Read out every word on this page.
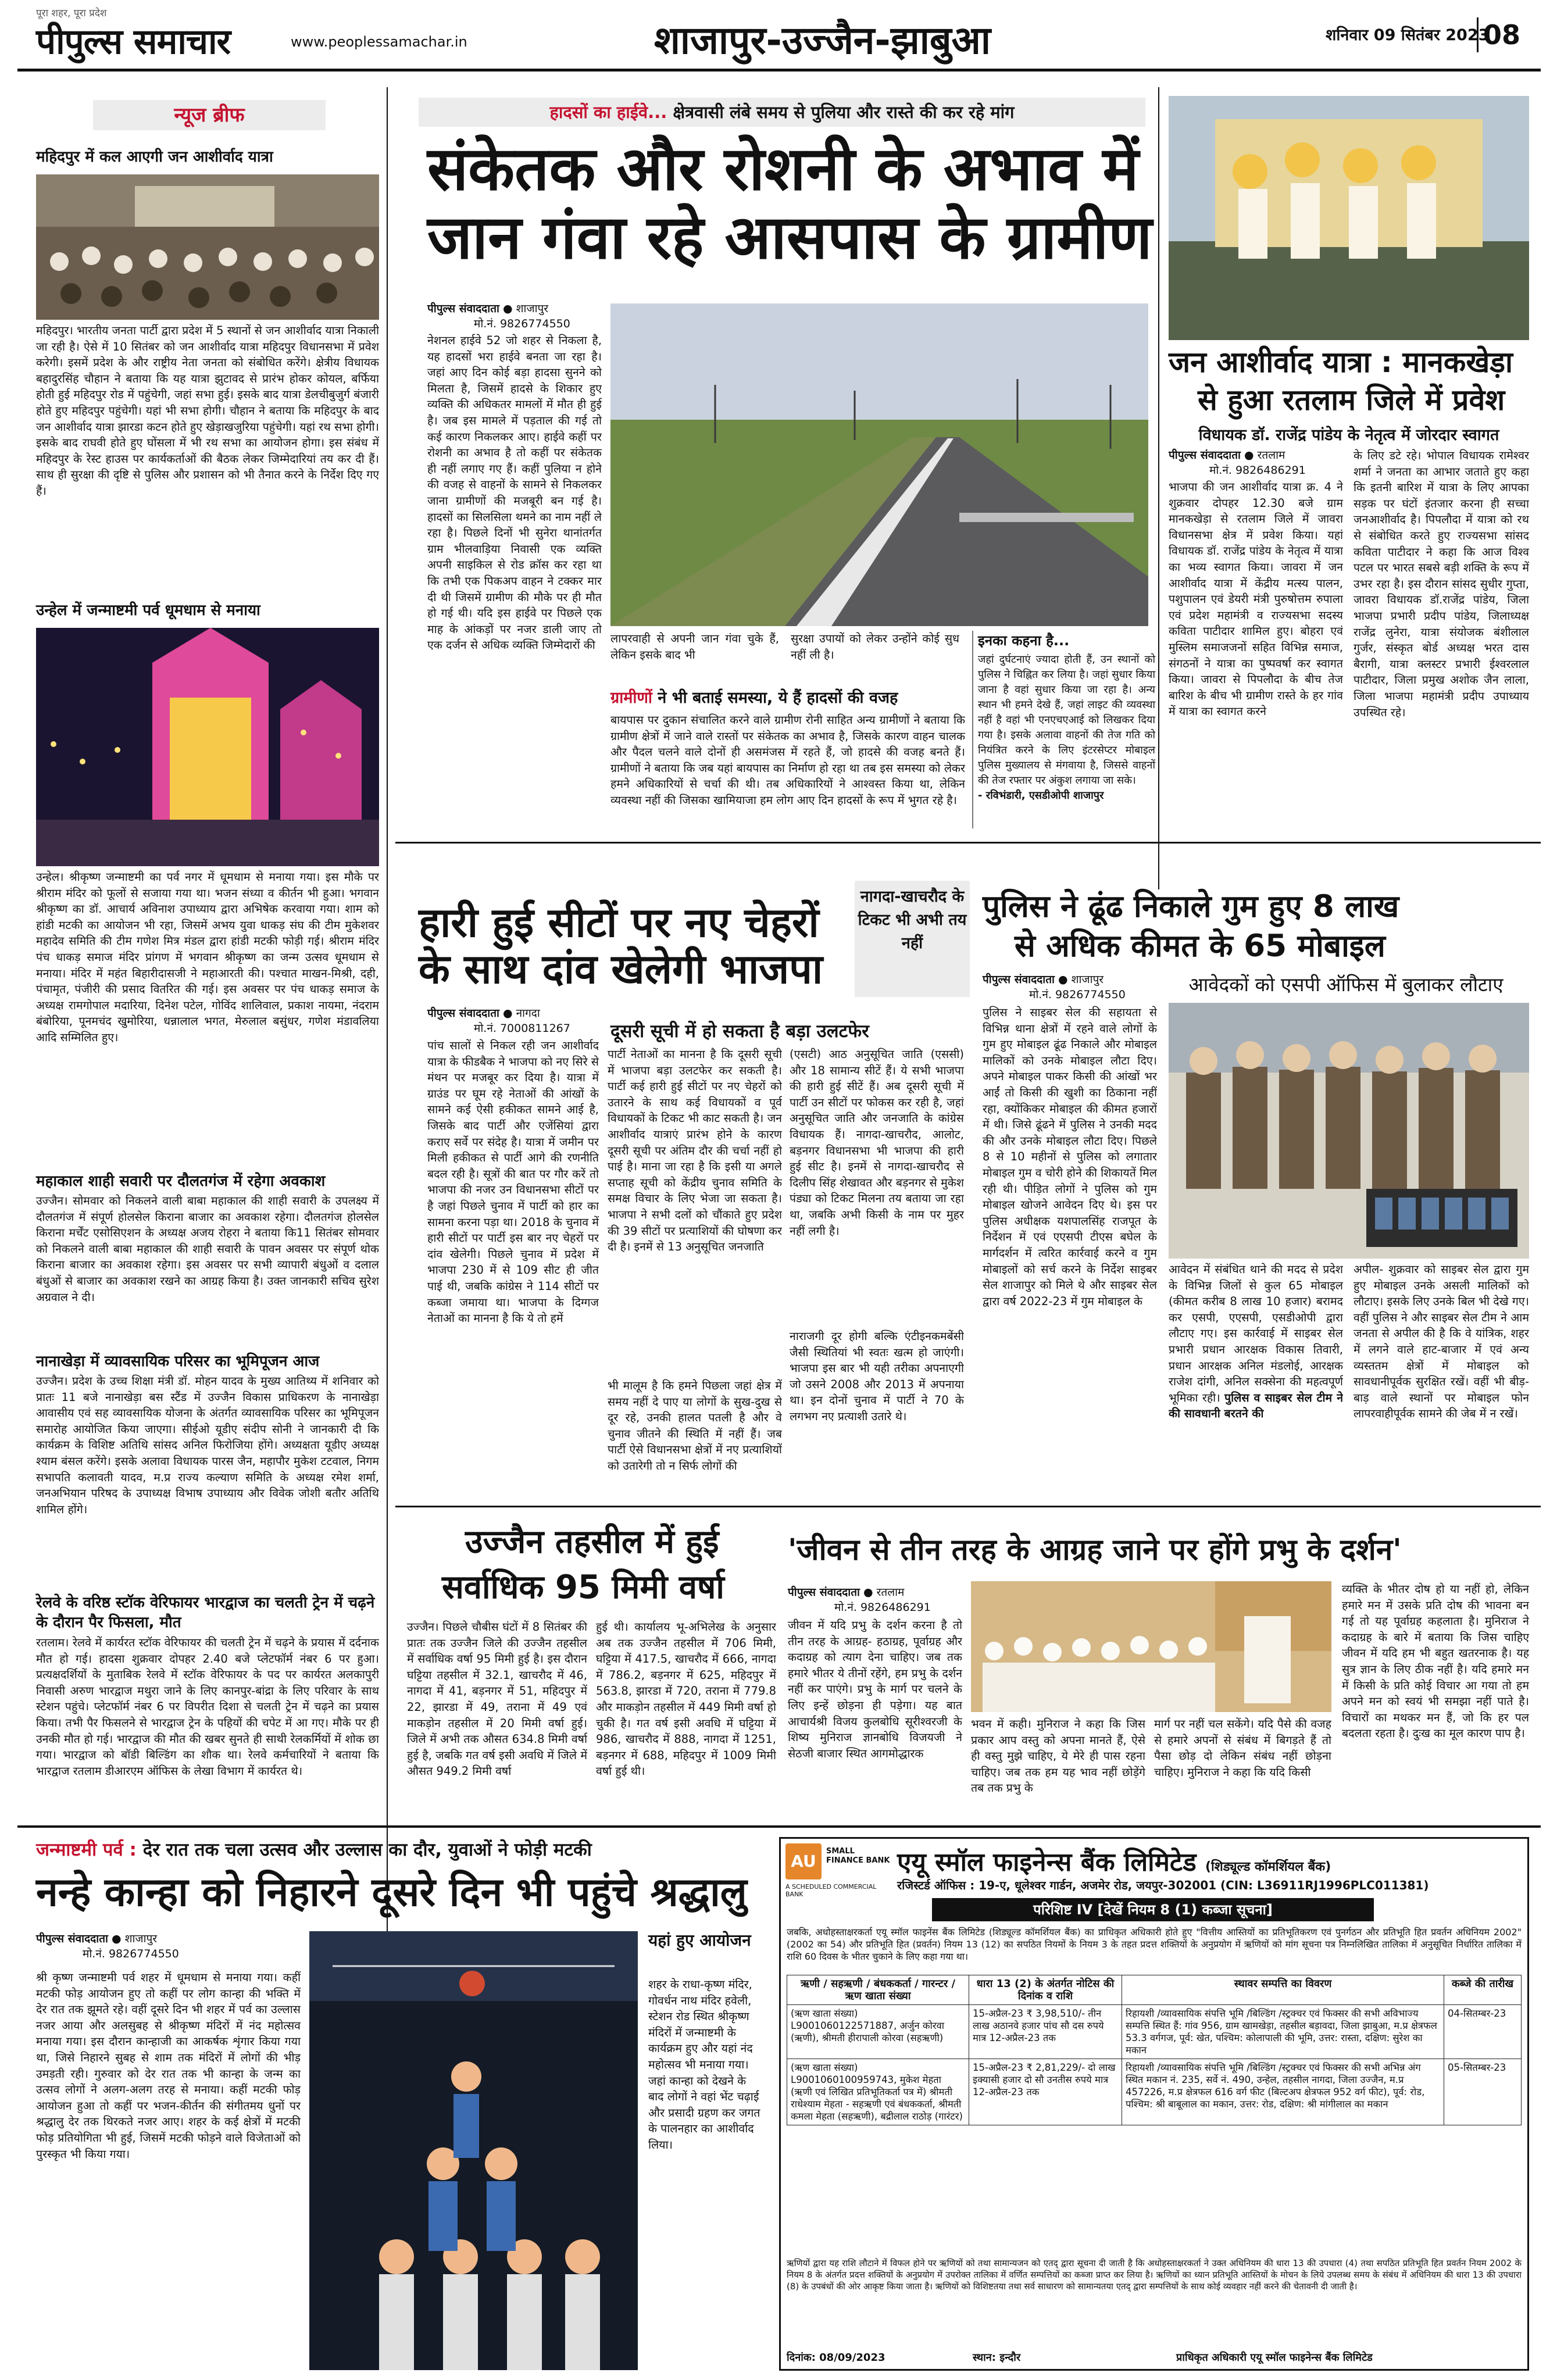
पीपुल्स समाचार
पूरा शहर, पूरा प्रदेश
www.peoplessamachar.in	शाजापुर-उज्जैन-झाबुआ	शनिवार 09 सितंबर 2023
08
न्यूज ब्रीफ
महिदपुर में कल आएगी जन आशीर्वाद यात्रा
महिदपुर। भारतीय जनता पार्टी द्वारा प्रदेश में 5 स्थानों से जन आशीर्वाद यात्रा निकाली जा रही है। ऐसे में 10 सितंबर को जन आशीर्वाद यात्रा महिदपुर विधानसभा में प्रवेश करेगी। इसमें प्रदेश के और राष्ट्रीय नेता जनता को संबोधित करेंगे। क्षेत्रीय विधायक बहादुरसिंह चौहान ने बताया कि यह यात्रा झुटावद से प्रारंभ होकर कोयल, बर्फिया होती हुई महिदपुर रोड में पहुंचेगी, जहां सभा हुई। इसके बाद यात्रा डेलचीबुजुर्ग बंजारी होते हुए महिदपुर पहुंचेगी। यहां भी सभा होगी। चौहान ने बताया कि महिदपुर के बाद जन आशीर्वाद यात्रा झारडा कटन होते हुए खेड़ाखजुरिया पहुंचेगी। यहां रथ सभा होगी। इसके बाद राघवी होते हुए घोंसला में भी रथ सभा का आयोजन होगा। इस संबंध में महिदपुर के रेस्ट हाउस पर कार्यकर्ताओं की बैठक लेकर जिम्मेदारियां तय कर दी हैं। साथ ही सुरक्षा की दृष्टि से पुलिस और प्रशासन को भी तैनात करने के निर्देश दिए गए हैं।
उन्हेल में जन्माष्टमी पर्व धूमधाम से मनाया
उन्हेल। श्रीकृष्ण जन्माष्टमी का पर्व नगर में धूमधाम से मनाया गया। इस मौके पर श्रीराम मंदिर को फूलों से सजाया गया था। भजन संध्या व कीर्तन भी हुआ। भगवान श्रीकृष्ण का डॉ. आचार्य अविनाश उपाध्याय द्वारा अभिषेक करवाया गया। शाम को हांडी मटकी का आयोजन भी रहा, जिसमें अभय युवा धाकड़ संघ की टीम मुकेशवर महादेव समिति की टीम गणेश मित्र मंडल द्वारा हांडी मटकी फोड़ी गई। श्रीराम मंदिर पंच धाकड़ समाज मंदिर प्रांगण में भगवान श्रीकृष्ण का जन्म उत्सव धूमधाम से मनाया। मंदिर में महंत बिहारीदासजी ने महाआरती की। पश्चात माखन-मिश्री, दही, पंचामृत, पंजीरी की प्रसाद वितरित की गई। इस अवसर पर पंच धाकड़ समाज के अध्यक्ष रामगोपाल मदारिया, दिनेश पटेल, गोविंद शालिवाल, प्रकाश नायमा, नंदराम बंबोरिया, पूनमचंद खुमोरिया, धन्नालाल भगत, मेरुलाल बसुंधर, गणेश मंडावलिया आदि सम्मिलित हुए।
महाकाल शाही सवारी पर दौलतगंज में रहेगा अवकाश
उज्जैन। सोमवार को निकलने वाली बाबा महाकाल की शाही सवारी के उपलक्ष्य में दौलतगंज में संपूर्ण होलसेल किराना बाजार का अवकाश रहेगा। दौलतगंज होलसेल किराना मर्चेंट एसोसिएशन के अध्यक्ष अजय रोहरा ने बताया कि11 सितंबर सोमवार को निकलने वाली बाबा महाकाल की शाही सवारी के पावन अवसर पर संपूर्ण थोक किराना बाजार का अवकाश रहेगा। इस अवसर पर सभी व्यापारी बंधुओं व दलाल बंधुओं से बाजार का अवकाश रखने का आग्रह किया है। उक्त जानकारी सचिव सुरेश अग्रवाल ने दी।
नानाखेड़ा में व्यावसायिक परिसर का भूमिपूजन आज
उज्जैन। प्रदेश के उच्च शिक्षा मंत्री डॉ. मोहन यादव के मुख्य आतिथ्य में शनिवार को प्रातः 11 बजे नानाखेड़ा बस स्टैंड में उज्जैन विकास प्राधिकरण के नानाखेड़ा आवासीय एवं सह व्यावसायिक योजना के अंतर्गत व्यावसायिक परिसर का भूमिपूजन समारोह आयोजित किया जाएगा। सीईओ यूडीए संदीप सोनी ने जानकारी दी कि कार्यक्रम के विशिष्ट अतिथि सांसद अनिल फिरोजिया होंगे। अध्यक्षता यूडीए अध्यक्ष श्याम बंसल करेंगे। इसके अलावा विधायक पारस जैन, महापौर मुकेश टटवाल, निगम सभापति कलावती यादव, म.प्र राज्य कल्याण समिति के अध्यक्ष रमेश शर्मा, जनअभियान परिषद के उपाध्यक्ष विभाष उपाध्याय और विवेक जोशी बतौर अतिथि शामिल होंगे।
रेलवे के वरिष्ठ स्टॉक वेरिफायर भारद्वाज का चलती ट्रेन में चढ़ने के दौरान पैर फिसला, मौत
रतलाम। रेलवे में कार्यरत स्टॉक वेरिफायर की चलती ट्रेन में चढ़ने के प्रयास में दर्दनाक मौत हो गई। हादसा शुक्रवार दोपहर 2.40 बजे प्लेटफॉर्म नंबर 6 पर हुआ। प्रत्यक्षदर्शियों के मुताबिक रेलवे में स्टॉक वेरिफायर के पद पर कार्यरत अलकापुरी निवासी अरुण भारद्वाज मथुरा जाने के लिए कानपुर-बांद्रा के लिए परिवार के साथ स्टेशन पहुंचे। प्लेटफॉर्म नंबर 6 पर विपरीत दिशा से चलती ट्रेन में चढ़ने का प्रयास किया। तभी पैर फिसलने से भारद्वाज ट्रेन के पहियों की चपेट में आ गए। मौके पर ही उनकी मौत हो गई। भारद्वाज की मौत की खबर सुनते ही साथी रेलकर्मियों में शोक छा गया। भारद्वाज को बॉडी बिल्डिंग का शौक था। रेलवे कर्मचारियों ने बताया कि भारद्वाज रतलाम डीआरएम ऑफिस के लेखा विभाग में कार्यरत थे।
हादसों का हाईवे... क्षेत्रवासी लंबे समय से पुलिया और रास्ते की कर रहे मांग
संकेतक और रोशनी के अभाव में
जान गंवा रहे आसपास के ग्रामीण
पीपुल्स संवाददाता ● शाजापुर
मो.नं. 9826774550
नेशनल हाईवे 52 जो शहर से निकला है, यह हादसों भरा हाईवे बनता जा रहा है। जहां आए दिन कोई बड़ा हादसा सुनने को मिलता है, जिसमें हादसे के शिकार हुए व्यक्ति की अधिकतर मामलों में मौत ही हुई है। जब इस मामले में पड़ताल की गई तो कई कारण निकलकर आए। हाईवे कहीं पर रोशनी का अभाव है तो कहीं पर संकेतक ही नहीं लगाए गए हैं। कहीं पुलिया न होने की वजह से वाहनों के सामने से निकलकर जाना ग्रामीणों की मजबूरी बन गई है। हादसों का सिलसिला थमने का नाम नहीं ले रहा है। पिछले दिनों भी सुनेरा थानांतर्गत ग्राम भीलवाड़िया निवासी एक व्यक्ति अपनी साइकिल से रोड क्रॉस कर रहा था कि तभी एक पिकअप वाहन ने टक्कर मार दी थी जिसमें ग्रामीण की मौके पर ही मौत हो गई थी। यदि इस हाईवे पर पिछले एक माह के आंकड़ों पर नजर डाली जाए तो एक दर्जन से अधिक व्यक्ति जिम्मेदारों की	लापरवाही से अपनी जान गंवा चुके हैं, लेकिन इसके बाद भी
सुरक्षा उपायों को लेकर उन्होंने कोई सुध नहीं ली है।
ग्रामीणों ने भी बताई समस्या, ये हैं हादसों की वजह
बायपास पर दुकान संचालित करने वाले ग्रामीण रोनी साहित अन्य ग्रामीणों ने बताया कि ग्रामीण क्षेत्रों में जाने वाले रास्तों पर संकेतक का अभाव है, जिसके कारण वाहन चालक और पैदल चलने वाले दोनों ही असमंजस में रहते हैं, जो हादसे की वजह बनते हैं। ग्रामीणों ने बताया कि जब यहां बायपास का निर्माण हो रहा था तब इस समस्या को लेकर हमने अधिकारियों से चर्चा की थी। तब अधिकारियों ने आश्वस्त किया था, लेकिन व्यवस्था नहीं की जिसका खामियाजा हम लोग आए दिन हादसों के रूप में भुगत रहे है।
इनका कहना है...
जहां दुर्घटनाएं ज्यादा होती हैं, उन स्थानों को पुलिस ने चिह्नित कर लिया है। जहां सुधार किया जाना है वहां सुधार किया जा रहा है। अन्य स्थान भी हमने देखे हैं, जहां लाइट की व्यवस्था नहीं है वहां भी एनएचएआई को लिखकर दिया गया है। इसके अलावा वाहनों की तेज गति को नियंत्रित करने के लिए इंटरसेप्टर मोबाइल पुलिस मुख्यालय से मंगवाया है, जिससे वाहनों की तेज रफ्तार पर अंकुश लगाया जा सके।
- रविभंडारी, एसडीओपी शाजापुर
जन आशीर्वाद यात्रा : मानकखेड़ा
से हुआ रतलाम जिले में प्रवेश
विधायक डॉ. राजेंद्र पांडेय के नेतृत्व में जोरदार स्वागत
पीपुल्स संवाददाता ● रतलाम
मो.नं. 9826486291
भाजपा की जन आशीर्वाद यात्रा क्र. 4 ने शुक्रवार दोपहर 12.30 बजे ग्राम मानकखेड़ा से रतलाम जिले में जावरा विधानसभा क्षेत्र में प्रवेश किया। यहां विधायक डॉ. राजेंद्र पांडेय के नेतृत्व में यात्रा का भव्य स्वागत किया। जावरा में जन आशीर्वाद यात्रा में केंद्रीय मत्स्य पालन, पशुपालन एवं डेयरी मंत्री पुरुषोत्तम रुपाला एवं प्रदेश महामंत्री व राज्यसभा सदस्य कविता पाटीदार शामिल हुए। बोहरा एवं मुस्लिम समाजजनों सहित विभिन्न समाज, संगठनों ने यात्रा का पुष्पवर्षा कर स्वागत किया। जावरा से पिपलौदा के बीच तेज बारिश के बीच भी ग्रामीण रास्ते के हर गांव में यात्रा का स्वागत करने
के लिए डटे रहे। भोपाल विधायक रामेश्वर शर्मा ने जनता का आभार जताते हुए कहा कि इतनी बारिश में यात्रा के लिए आपका सड़क पर घंटों इंतजार करना ही सच्चा जनआशीर्वाद है। पिपलौदा में यात्रा को रथ से संबोधित करते हुए राज्यसभा सांसद कविता पाटीदार ने कहा कि आज विश्व पटल पर भारत सबसे बड़ी शक्ति के रूप में उभर रहा है। इस दौरान सांसद सुधीर गुप्ता, जावरा विधायक डॉ.राजेंद्र पांडेय, जिला भाजपा प्रभारी प्रदीप पांडेय, जिलाध्यक्ष राजेंद्र लुनेरा, यात्रा संयोजक बंशीलाल गुर्जर, संस्कृत बोर्ड अध्यक्ष भरत दास बैरागी, यात्रा क्लस्टर प्रभारी ईश्वरलाल पाटीदार, जिला प्रमुख अशोक जैन लाला, जिला भाजपा महामंत्री प्रदीप उपाध्याय उपस्थित रहे।
हारी हुई सीटों पर नए चेहरों
के साथ दांव खेलेगी भाजपा
नागदा-खाचरौद के टिकट भी अभी तय नहीं
पीपुल्स संवाददाता ● नागदा
मो.नं. 7000811267 दूसरी सूची में हो सकता है बड़ा उलटफेर
पांच सालों से निकल रही जन आशीर्वाद यात्रा के फीडबैक ने भाजपा को नए सिरे से मंथन पर मजबूर कर दिया है। यात्रा में ग्राउंड पर घूम रहे नेताओं की आंखों के सामने कई ऐसी हकीकत सामने आई है, जिसके बाद पार्टी और एजेंसियां द्वारा कराए सर्वे पर संदेह है। यात्रा में जमीन पर मिली हकीकत से पार्टी आगे की रणनीति बदल रही है। सूत्रों की बात पर गौर करें तो भाजपा की नजर उन विधानसभा सीटों पर है जहां पिछले चुनाव में पार्टी को हार का सामना करना पड़ा था। 2018 के चुनाव में हारी सीटों पर पार्टी इस बार नए चेहरों पर दांव खेलेगी। पिछले चुनाव में प्रदेश में भाजपा 230 में से 109 सीट ही जीत पाई थी, जबकि कांग्रेस ने 114 सीटों पर कब्जा जमाया था। भाजपा के दिग्गज नेताओं का मानना है कि ये तो हमें
पार्टी नेताओं का मानना है कि दूसरी सूची में भाजपा बड़ा उलटफेर कर सकती है। पार्टी कई हारी हुई सीटों पर नए चेहरों को उतारने के साथ कई विधायकों व पूर्व विधायकों के टिकट भी काट सकती है। जन आशीर्वाद यात्राएं प्रारंभ होने के कारण दूसरी सूची पर अंतिम दौर की चर्चा नहीं हो पाई है। माना जा रहा है कि इसी या अगले सप्ताह सूची को केंद्रीय चुनाव समिति के समक्ष विचार के लिए भेजा जा सकता है। भाजपा ने सभी दलों को चौंकाते हुए प्रदेश की 39 सीटों पर प्रत्याशियों की घोषणा कर दी है। इनमें से 13 अनुसूचित जनजाति
(एसटी) आठ अनुसूचित जाति (एससी) और 18 सामान्य सीटें हैं। ये सभी भाजपा की हारी हुई सीटें हैं। अब दूसरी सूची में पार्टी उन सीटों पर फोकस कर रही है, जहां अनुसूचित जाति और जनजाति के कांग्रेस विधायक हैं। नागदा-खाचरौद, आलोट, बड़नगर विधानसभा भी भाजपा की हारी हुई सीट है। इनमें से नागदा-खाचरौद से दिलीप सिंह शेखावत और बड़नगर से मुकेश पंड्या को टिकट मिलना तय बताया जा रहा था, जबकि अभी किसी के नाम पर मुहर नहीं लगी है।
भी मालूम है कि हमने पिछला जहां क्षेत्र में समय नहीं दे पाए या लोगों के सुख-दुख से दूर रहे, उनकी हालत पतली है और वे चुनाव जीतने की स्थिति में नहीं हैं। जब पार्टी ऐसे विधानसभा क्षेत्रों में नए प्रत्याशियों को उतारेगी तो न सिर्फ लोगों की
नाराजगी दूर होगी बल्कि एंटीइनकमबेंसी जैसी स्थितियां भी स्वतः खत्म हो जाएंगी। भाजपा इस बार भी यही तरीका अपनाएगी जो उसने 2008 और 2013 में अपनाया था। इन दोनों चुनाव में पार्टी ने 70 के लगभग नए प्रत्याशी उतारे थे।
पुलिस ने ढूंढ निकाले गुम हुए 8 लाख
से अधिक कीमत के 65 मोबाइल
पीपुल्स संवाददाता ● शाजापुर
मो.नं. 9826774550	आवेदकों को एसपी ऑफिस में बुलाकर लौटाए
पुलिस ने साइबर सेल की सहायता से विभिन्न थाना क्षेत्रों में रहने वाले लोगों के गुम हुए मोबाइल ढूंढ निकाले और मोबाइल मालिकों को उनके मोबाइल लौटा दिए। अपने मोबाइल पाकर किसी की आंखों भर आईं तो किसी की खुशी का ठिकाना नहीं रहा, क्योंकिकर मोबाइल की कीमत हजारों में थी। जिसे ढूंढने में पुलिस ने उनकी मदद की और उनके मोबाइल लौटा दिए। पिछले 8 से 10 महीनों से पुलिस को लगातार मोबाइल गुम व चोरी होने की शिकायतें मिल रही थी। पीड़ित लोगों ने पुलिस को गुम मोबाइल खोजने आवेदन दिए थे। इस पर पुलिस अधीक्षक यशपालसिंह राजपूत के निर्देशन में एवं एएसपी टीएस बघेल के मार्गदर्शन में त्वरित कार्रवाई करने व गुम मोबाइलों को सर्च करने के निर्देश साइबर सेल शाजापुर को मिले थे और साइबर सेल द्वारा वर्ष 2022-23 में गुम मोबाइल के
आवेदन में संबंधित थाने की मदद से प्रदेश के विभिन्न जिलों से कुल 65 मोबाइल (कीमत करीब 8 लाख 10 हजार) बरामद कर एसपी, एएसपी, एसडीओपी द्वारा लौटाए गए। इस कार्रवाई में साइबर सेल प्रभारी प्रधान आरक्षक विकास तिवारी, प्रधान आरक्षक अनिल मंडलोई, आरक्षक राजेश दांगी, अनिल सक्सेना की महत्वपूर्ण भूमिका रही। पुलिस व साइबर सेल टीम ने की सावधानी बरतने की
अपील- शुक्रवार को साइबर सेल द्वारा गुम हुए मोबाइल उनके असली मालिकों को लौटाए। इसके लिए उनके बिल भी देखे गए। वहीं पुलिस ने और साइबर सेल टीम ने आम जनता से अपील की है कि वे यांत्रिक, शहर में लगने वाले हाट-बाजार में एवं अन्य व्यस्ततम क्षेत्रों में मोबाइल को सावधानीपूर्वक सुरक्षित रखें। वहीं भी बीड़-बाड़ वाले स्थानों पर मोबाइल फोन लापरवाहीपूर्वक सामने की जेब में न रखें।
उज्जैन तहसील में हुई
सर्वाधिक 95 मिमी वर्षा
उज्जैन। पिछले चौबीस घंटों में 8 सितंबर की प्रातः तक उज्जैन जिले की उज्जैन तहसील में सर्वाधिक वर्षा 95 मिमी हुई है। इस दौरान घट्टिया तहसील में 32.1, खाचरौद में 46, नागदा में 41, बड़नगर में 51, महिदपुर में 22, झारडा में 49, तराना में 49 एवं माकड़ोन तहसील में 20 मिमी वर्षा हुई। जिले में अभी तक औसत 634.8 मिमी वर्षा हुई है, जबकि गत वर्ष इसी अवधि में जिले में औसत 949.2 मिमी वर्षा
हुई थी। कार्यालय भू-अभिलेख के अनुसार अब तक उज्जैन तहसील में 706 मिमी, घट्टिया में 417.5, खाचरौद में 666, नागदा में 786.2, बड़नगर में 625, महिदपुर में 563.8, झारडा में 720, तराना में 779.8 और माकड़ोन तहसील में 449 मिमी वर्षा हो चुकी है। गत वर्ष इसी अवधि में घट्टिया में 986, खाचरौद में 888, नागदा में 1251, बड़नगर में 688, महिदपुर में 1009 मिमी वर्षा हुई थी।
'जीवन से तीन तरह के आग्रह जाने पर होंगे प्रभु के दर्शन'
पीपुल्स संवाददाता ● रतलाम
मो.नं. 9826486291
जीवन में यदि प्रभु के दर्शन करना है तो तीन तरह के आग्रह- हठाग्रह, पूर्वाग्रह और कदाग्रह को त्याग देना चाहिए। जब तक हमारे भीतर ये तीनों रहेंगे, हम प्रभु के दर्शन नहीं कर पाएंगे। प्रभु के मार्ग पर चलने के लिए इन्हें छोड़ना ही पड़ेगा। यह बात आचार्यश्री विजय कुलबोधि सूरीश्वरजी के शिष्य मुनिराज ज्ञानबोधि विजयजी ने सेठजी बाजार स्थित आगमोद्धारक
भवन में कही। मुनिराज ने कहा कि जिस प्रकार आप वस्तु को अपना मानते हैं, ऐसे ही वस्तु मुझे चाहिए, ये मेरे ही पास रहना चाहिए। जब तक हम यह भाव नहीं छोड़ेंगे तब तक प्रभु के
मार्ग पर नहीं चल सकेंगे। यदि पैसे की वजह से हमारे अपनों से संबंध में बिगड़ते हैं तो पैसा छोड़ दो लेकिन संबंध नहीं छोड़ना चाहिए। मुनिराज ने कहा कि यदि किसी
व्यक्ति के भीतर दोष हो या नहीं हो, लेकिन हमारे मन में उसके प्रति दोष की भावना बन गई तो यह पूर्वाग्रह कहलाता है। मुनिराज ने कदाग्रह के बारे में बताया कि जिस चाहिए जीवन में यदि हम भी बहुत खतरनाक है। यह सुत्र ज्ञान के लिए ठीक नहीं है। यदि हमारे मन में किसी के प्रति कोई विचार आ गया तो हम अपने मन को स्वयं भी समझा नहीं पाते है। विचारों का मथकर मन हैं, जो कि हर पल बदलता रहता है। दुःख का मूल कारण पाप है।
जन्माष्टमी पर्व : देर रात तक चला उत्सव और उल्लास का दौर, युवाओं ने फोड़ी मटकी
नन्हे कान्हा को निहारने दूसरे दिन भी पहुंचे श्रद्धालु
पीपुल्स संवाददाता ● शाजापुर
मो.नं. 9826774550
श्री कृष्ण जन्माष्टमी पर्व शहर में धूमधाम से मनाया गया। कहीं मटकी फोड़ आयोजन हुए तो कहीं पर लोग कान्हा की भक्ति में देर रात तक झूमते रहे। वहीं दूसरे दिन भी शहर में पर्व का उल्लास नजर आया और अलसुबह से श्रीकृष्ण मंदिरों में नंद महोत्सव मनाया गया। इस दौरान कान्हाजी का आकर्षक शृंगार किया गया था, जिसे निहारने सुबह से शाम तक मंदिरों में लोगों की भीड़ उमड़ती रही। गुरुवार को देर रात तक भी कान्हा के जन्म का उत्सव लोगों ने अलग-अलग तरह से मनाया। कहीं मटकी फोड़ आयोजन हुआ तो कहीं पर भजन-कीर्तन की संगीतमय धुनों पर श्रद्धालु देर तक थिरकते नजर आए। शहर के कई क्षेत्रों में मटकी फोड़ प्रतियोगिता भी हुई, जिसमें मटकी फोड़ने वाले विजेताओं को पुरस्कृत भी किया गया।
यहां हुए आयोजन
शहर के राधा-कृष्ण मंदिर, गोवर्धन नाथ मंदिर हवेली, स्टेशन रोड स्थित श्रीकृष्ण मंदिरों में जन्माष्टमी के कार्यक्रम हुए और यहां नंद महोत्सव भी मनाया गया। जहां कान्हा को देखने के बाद लोगों ने वहां भेंट चढ़ाई और प्रसादी ग्रहण कर जगत के पालनहार का आशीर्वाद लिया।
AU
SMALL FINANCE BANK
A SCHEDULED COMMERCIAL BANK
एयू स्मॉल फाइनेन्स बैंक लिमिटेड (शिड्यूल्ड कॉमर्शियल बैंक)
रजिस्टर्ड ऑफिस : 19-ए, धूलेश्वर गार्डन, अजमेर रोड, जयपुर-302001 (CIN: L36911RJ1996PLC011381)
परिशिष्ट IV [देखें नियम 8 (1) कब्जा सूचना]
जबकि, अधोहस्ताक्षरकर्ता एयू स्मॉल फाइनेंस बैंक लिमिटेड (शिड्यूल्ड कॉमर्शियल बैंक) का प्राधिकृत अधिकारी होते हुए "वित्तीय आस्तियों का प्रतिभूतिकरण एवं पुनर्गठन और प्रतिभूति हित प्रवर्तन अधिनियम 2002" (2002 का 54) और प्रतिभूति हित (प्रवर्तन) नियम 13 (12) का सपठित नियमों के नियम 3 के तहत प्रदत्त शक्तियों के अनुप्रयोग में ऋणियों को मांग सूचना पत्र निम्नलिखित तालिका में अनुसूचित निर्धारित तालिका में राशि 60 दिवस के भीतर चुकाने के लिए कहा गया था।
ऋणी / सहऋणी / बंधककर्ता / गारन्टर / ऋण खाता संख्या	धारा 13 (2) के अंतर्गत नोटिस की दिनांक व राशि	स्थावर सम्पत्ति का विवरण	कब्जे की तारीख
(ऋण खाता संख्या) L9001060122571887, अर्जुन कोरवा (ऋणी), श्रीमती हीरापाली कोरवा (सहऋणी)	15-अप्रैल-23 ₹ 3,98,510/- तीन लाख अठानवे हजार पांच सौ दस रुपये मात्र 12-अप्रैल-23 तक	रिहायशी /व्यावसायिक संपत्ति भूमि /बिल्डिंग /स्ट्रक्चर एवं फिक्सर की सभी अविभाज्य सम्पत्ति स्थित हैं: गांव 956, ग्राम खामखेड़ा, तहसील बड़ावदा, जिला झाबुआ, म.प्र क्षेत्रफल 53.3 वर्गगज, पूर्व: खेत, पश्चिम: कोलापाली की भूमि, उत्तर: रास्ता, दक्षिण: सुरेश का मकान	04-सितम्बर-23
(ऋण खाता संख्या) L9001060100959743, मुकेश मेहता (ऋणी एवं लिखित प्रतिभूतिकर्ता पत्र में) श्रीमती राधेश्याम मेहता - सहऋणी एवं बंधककर्ता, श्रीमती कमला मेहता (सहऋणी), बद्रीलाल राठोड़ (गारंटर)	15-अप्रैल-23 ₹ 2,81,229/- दो लाख इक्यासी हजार दो सौ उनतीस रुपये मात्र 12-अप्रैल-23 तक	रिहायशी /व्यावसायिक संपत्ति भूमि /बिल्डिंग /स्ट्रक्चर एवं फिक्सर की सभी अभिन्न अंग स्थित मकान नं. 235, सर्वे नं. 490, उन्हेल, तहसील नागदा, जिला उज्जैन, म.प्र 457226, म.प्र क्षेत्रफल 616 वर्ग फीट (बिल्टअप क्षेत्रफल 952 वर्ग फीट), पूर्व: रोड, पश्चिम: श्री बाबूलाल का मकान, उत्तर: रोड, दक्षिण: श्री मांगीलाल का मकान	05-सितम्बर-23
ऋणियों द्वारा यह राशि लौटाने में विफल होने पर ऋणियों को तथा सामान्यजन को एतद् द्वारा सूचना दी जाती है कि अधोहस्ताक्षरकर्ता ने उक्त अधिनियम की धारा 13 की उपधारा (4) तथा सपठित प्रतिभूति हित प्रवर्तन नियम 2002 के नियम 8 के अंतर्गत प्रदत्त शक्तियों के अनुप्रयोग में उपरोक्त तालिका में वर्णित सम्पत्तियों का कब्जा प्राप्त कर लिया है। ऋणियों का ध्यान प्रतिभूति आस्तियों के मोचन के लिये उपलब्ध समय के संबंध में अधिनियम की धारा 13 की उपधारा (8) के उपबंधों की ओर आकृष्ट किया जाता है। ऋणियों को विशिष्टतया तथा सर्व साधारण को सामान्यतया एतद् द्वारा सम्पत्तियों के साथ कोई व्यवहार नहीं करने की चेतावनी दी जाती है।
दिनांक: 08/09/2023	स्थान: इन्दौर	प्राधिकृत अधिकारी एयू स्मॉल फाइनेन्स बैंक लिमिटेड
